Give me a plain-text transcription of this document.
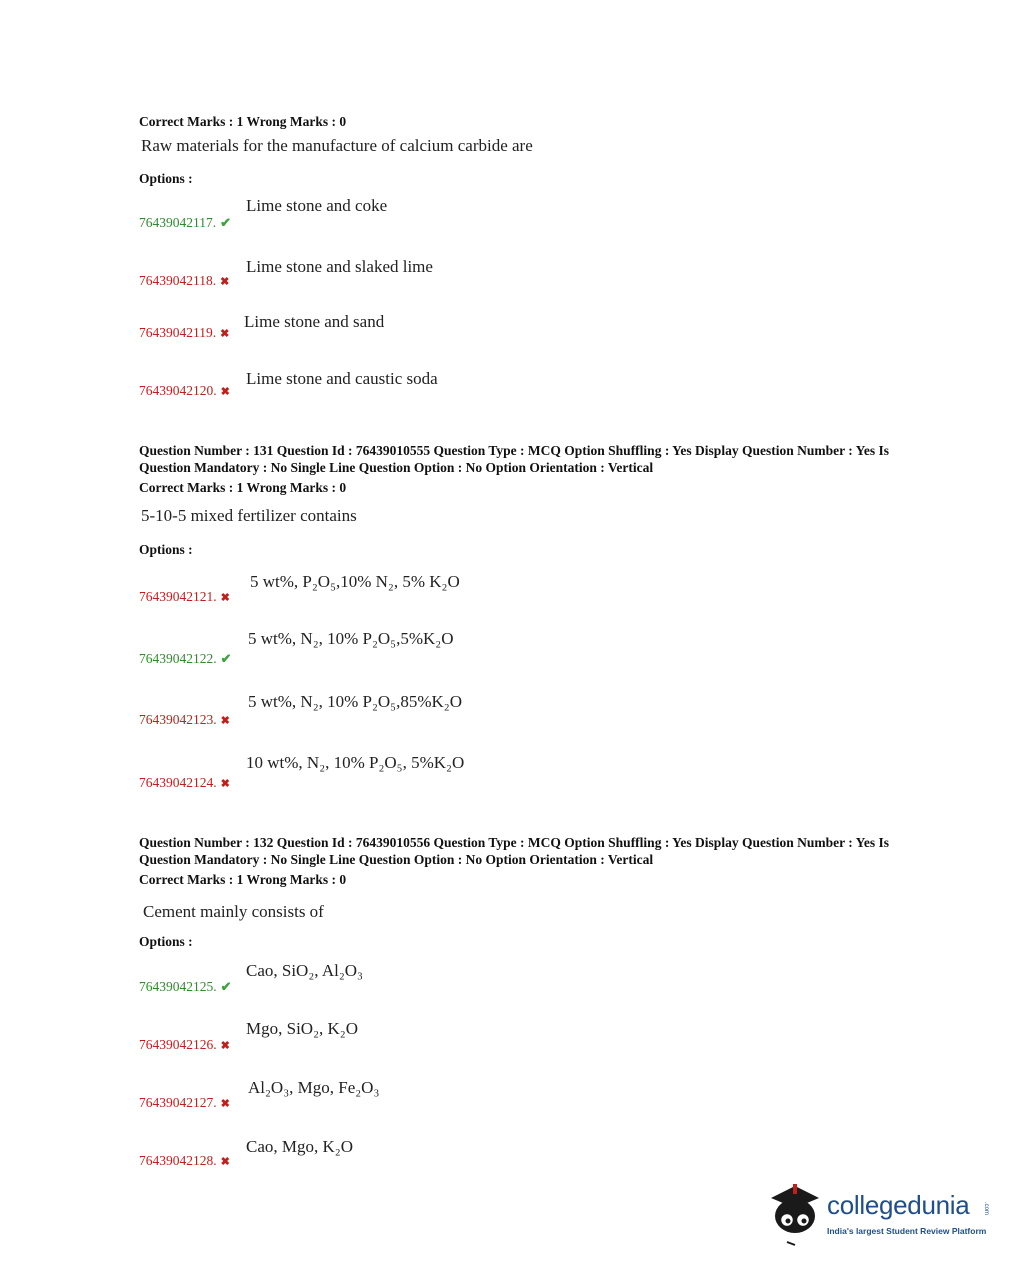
Correct Marks : 1 Wrong Marks : 0
Raw materials for the manufacture of calcium carbide are
Options :
Lime stone and coke
76439042117. ✔
Lime stone and slaked lime
76439042118. ✖
Lime stone and sand
76439042119. ✖
Lime stone and caustic soda
76439042120. ✖
Question Number : 131 Question Id : 76439010555 Question Type : MCQ Option Shuffling : Yes Display Question Number : Yes Is Question Mandatory : No Single Line Question Option : No Option Orientation : Vertical
Correct Marks : 1 Wrong Marks : 0
5-10-5 mixed fertilizer contains
Options :
5 wt%, P₂O₅,10% N₂, 5% K₂O
76439042121. ✖
5 wt%, N₂, 10% P₂O₅,5%K₂O
76439042122. ✔
5 wt%, N₂, 10% P₂O₅,85%K₂O
76439042123. ✖
10 wt%, N₂, 10% P₂O₅, 5%K₂O
76439042124. ✖
Question Number : 132 Question Id : 76439010556 Question Type : MCQ Option Shuffling : Yes Display Question Number : Yes Is Question Mandatory : No Single Line Question Option : No Option Orientation : Vertical
Correct Marks : 1 Wrong Marks : 0
Cement mainly consists of
Options :
Cao, SiO₂, Al₂O₃
76439042125. ✔
Mgo, SiO₂, K₂O
76439042126. ✖
Al₂O₃, Mgo, Fe₂O₃
76439042127. ✖
Cao, Mgo, K₂O
76439042128. ✖
collegedunia .com
India's largest Student Review Platform
